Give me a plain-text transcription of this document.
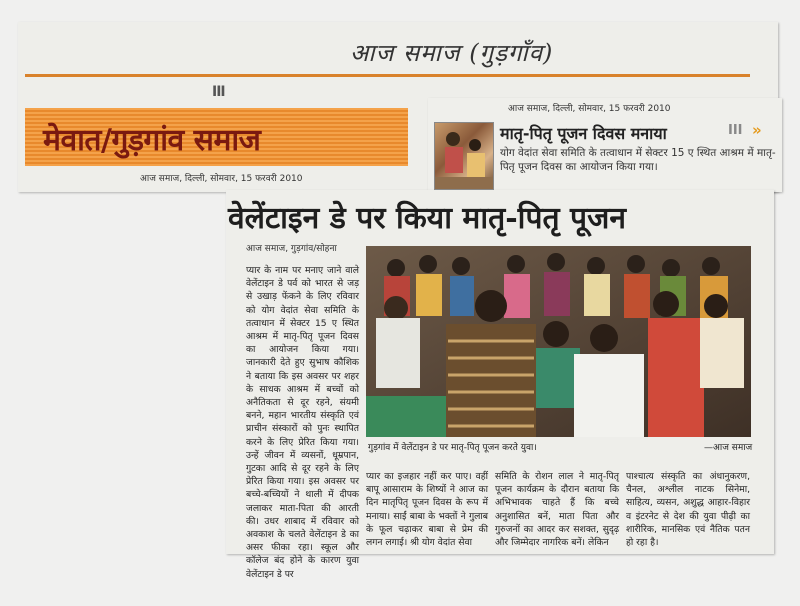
आज समाज (गुड़गाँव)
III
मेवात/गुड़गांव समाज
आज समाज, दिल्ली, सोमवार, 15 फरवरी 2010
आज समाज, दिल्ली, सोमवार, 15 फरवरी 2010
मातृ-पितृ पूजन दिवस मनाया	III »
योग वेदांत सेवा समिति के तत्वाधान में सेक्टर 15 ए स्थित आश्रम में मातृ-पितृ पूजन दिवस का आयोजन किया गया।
वेलेंटाइन डे पर किया मातृ-पितृ पूजन
आज समाज, गुड़गांव/सोहना
प्यार के नाम पर मनाए जाने वाले वेलेंटाइन डे पर्व को भारत से जड़ से उखाड़ फेंकने के लिए रविवार को योग वेदांत सेवा समिति के तत्वाधान में सेक्टर 15 ए स्थित आश्रम में मातृ-पितृ पूजन दिवस का आयोजन किया गया। जानकारी देते हुए सुभाष कौशिक ने बताया कि इस अवसर पर शहर के साधक आश्रम में बच्चों को अनैतिकता से दूर रहने, संयमी बनने, महान भारतीय संस्कृति एवं प्राचीन संस्कारों को पुनः स्थापित करने के लिए प्रेरित किया गया। उन्हें जीवन में व्यसनों, धूम्रपान, गुटका आदि से दूर रहने के लिए प्रेरित किया गया। इस अवसर पर बच्चे-बच्चियों ने थाली में दीपक जलाकर माता-पिता की आरती की। उधर शाबाद में रविवार को अवकाश के चलते वेलेंटाइन डे का असर फीका रहा। स्कूल और कॉलेज बंद होने के कारण युवा वेलेंटाइन डे पर
गुड़गांव में वेलेंटाइन डे पर मातृ-पितृ पूजन करते युवा।	—आज समाज
प्यार का इजहार नहीं कर पाए। वहीं बापू आसाराम के शिष्यों ने आज का दिन मातृपितृ पूजन दिवस के रूप में मनाया। साईं बाबा के भक्तों ने गुलाब के फूल चढ़ाकर बाबा से प्रेम की लगन लगाई। श्री योग वेदांत सेवा
समिति के रोशन लाल ने मातृ-पितृ पूजन कार्यक्रम के दौरान बताया कि अभिभावक चाहते हैं कि बच्चे अनुशासित बनें, माता पिता और गुरुजनों का आदर कर सशक्त, सुदृढ़ और जिम्मेदार नागरिक बनें। लेकिन
पाश्चात्य संस्कृति का अंधानुकरण, चैनल, अश्लील नाटक सिनेमा, साहित्य, व्यसन, अशुद्ध आहार-विहार व इंटरनेट से देश की युवा पीढ़ी का शारीरिक, मानसिक एवं नैतिक पतन हो रहा है।
